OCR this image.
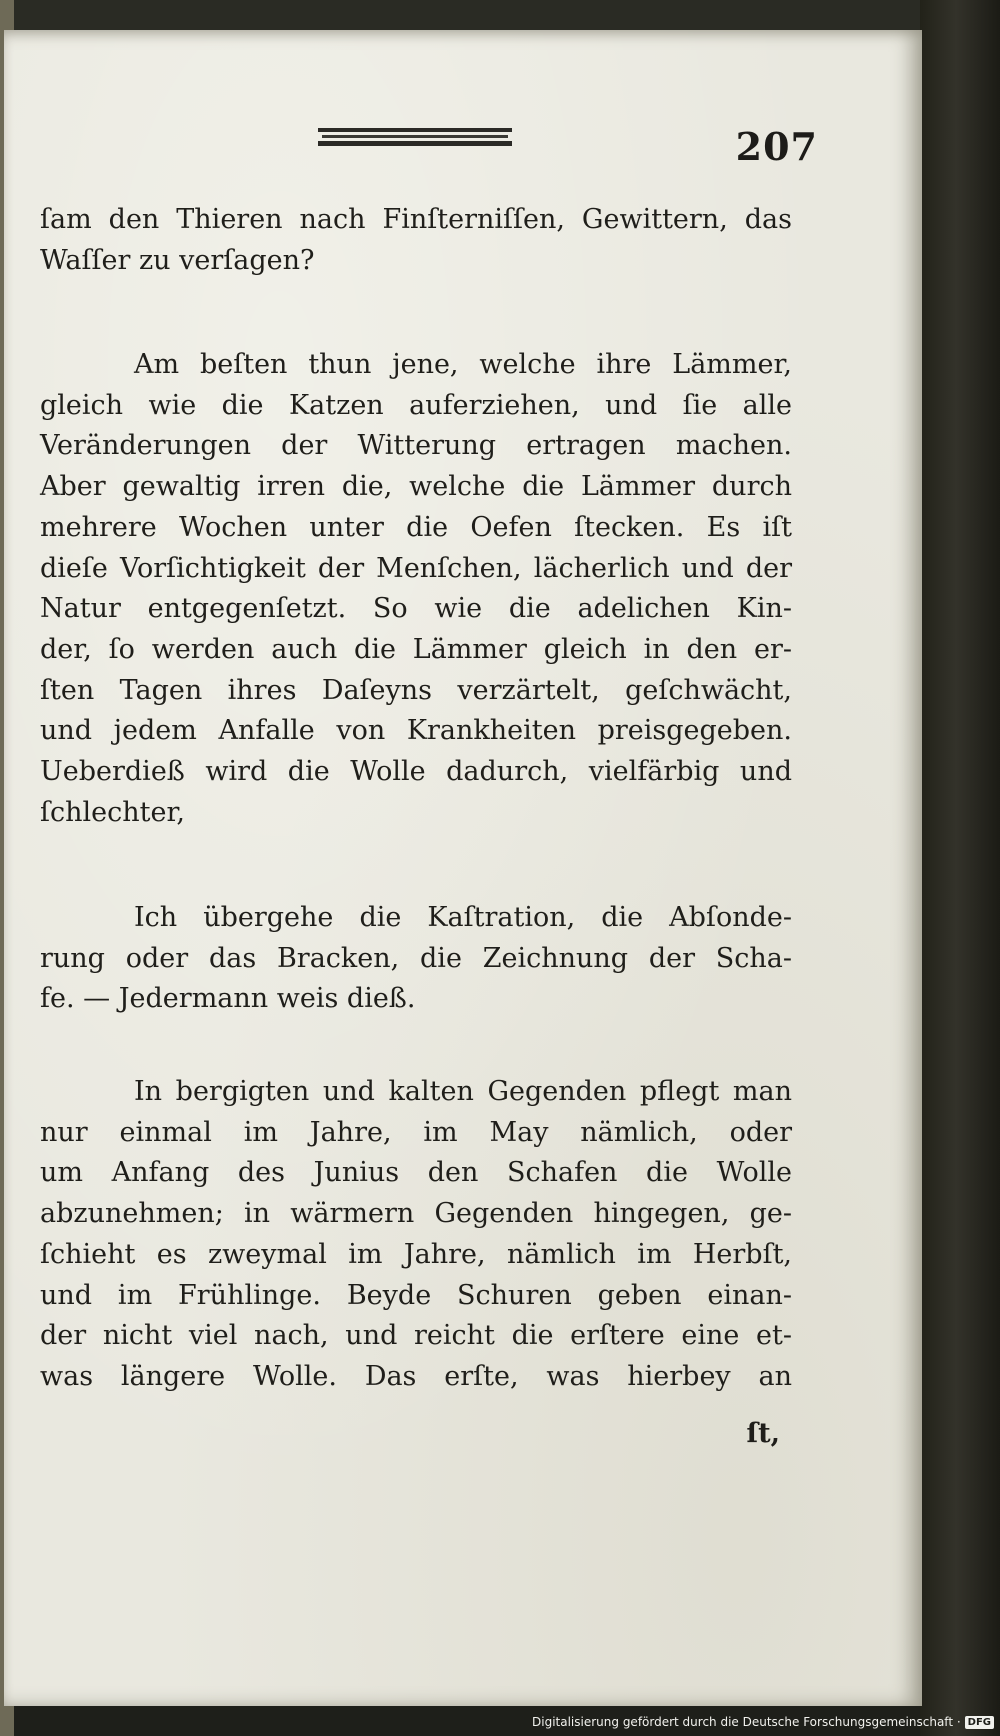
207
ſam den Thieren nach Finſterniſſen, Gewittern, das
Waſſer zu verſagen?
Am beſten thun jene, welche ihre Lämmer,
gleich wie die Katzen auferziehen, und ſie alle
Veränderungen der Witterung ertragen machen.
Aber gewaltig irren die, welche die Lämmer durch
mehrere Wochen unter die Oefen ſtecken. Es iſt
dieſe Vorſichtigkeit der Menſchen, lächerlich und der
Natur entgegenſetzt. So wie die adelichen Kin-
der, ſo werden auch die Lämmer gleich in den er-
ſten Tagen ihres Daſeyns verzärtelt, geſchwächt,
und jedem Anfalle von Krankheiten preisgegeben.
Ueberdieß wird die Wolle dadurch, vielfärbig und
ſchlechter,
Ich übergehe die Kaſtration, die Abſonde-
rung oder das Bracken, die Zeichnung der Scha-
fe. — Jedermann weis dieß.
In bergigten und kalten Gegenden pflegt man
nur einmal im Jahre, im May nämlich, oder
um Anfang des Junius den Schafen die Wolle
abzunehmen; in wärmern Gegenden hingegen, ge-
ſchieht es zweymal im Jahre, nämlich im Herbſt,
und im Frühlinge. Beyde Schuren geben einan-
der nicht viel nach, und reicht die erſtere eine et-
was längere Wolle. Das erſte, was hierbey an
ſt,
Digitalisierung gefördert durch die Deutsche Forschungsgemeinschaft · DFG
